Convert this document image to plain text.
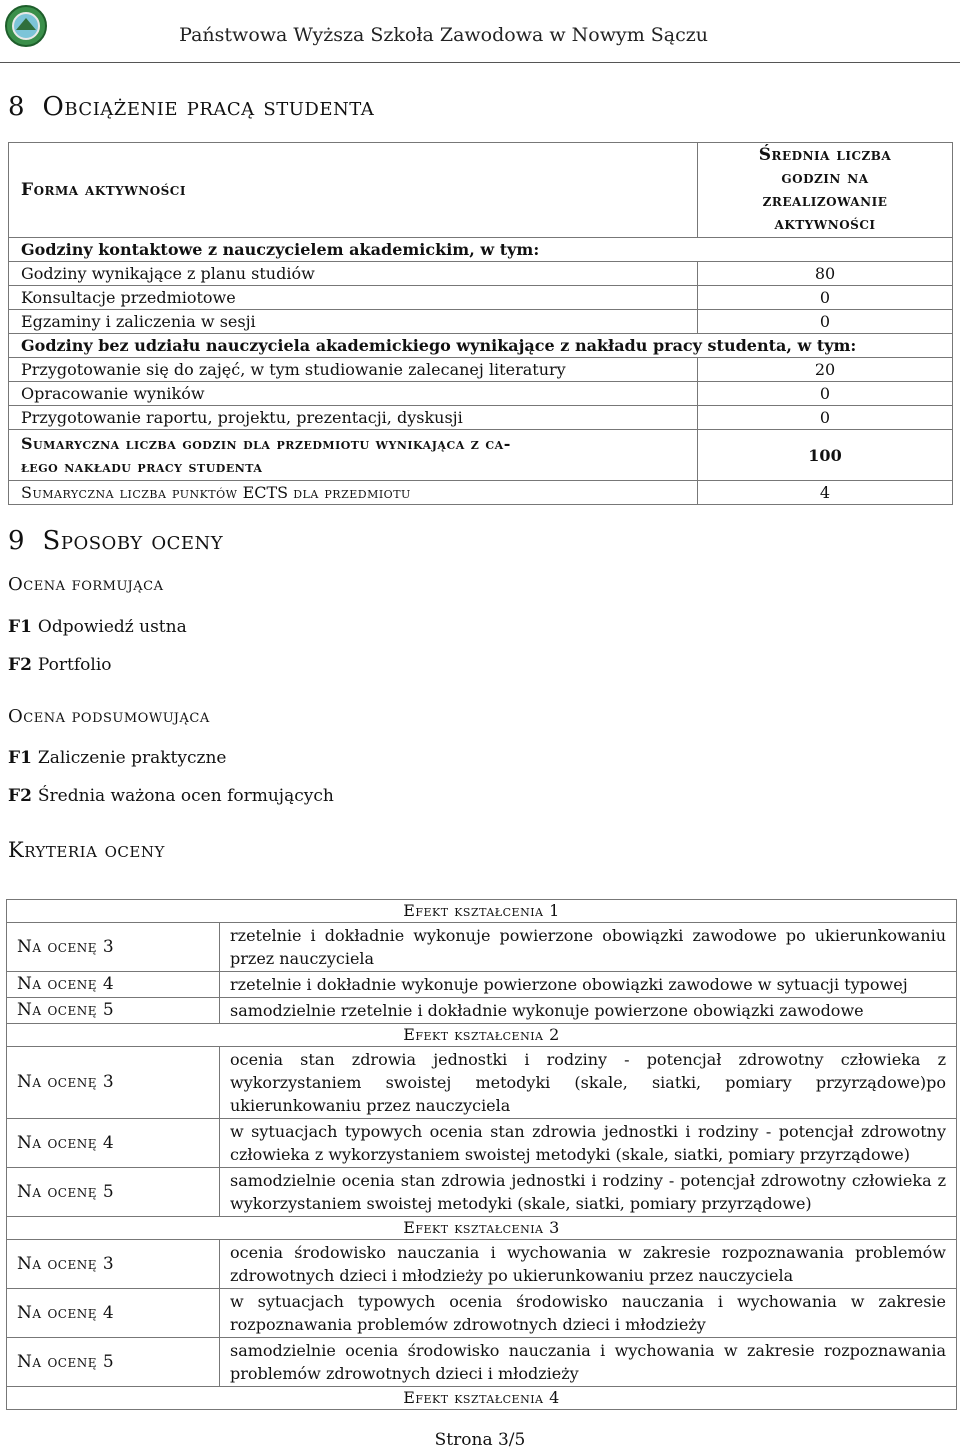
Państwowa Wyższa Szkoła Zawodowa w Nowym Sączu
8 Obciążenie pracą studenta
Forma aktywności	Średnia liczba
godzin na
zrealizowanie
aktywności

Godziny kontaktowe z nauczycielem akademickim, w tym:	
Godziny wynikające z planu studiów	80
Konsultacje przedmiotowe	0
Egzaminy i zaliczenia w sesji	0
Godziny bez udziału nauczyciela akademickiego wynikające z nakładu pracy studenta, w tym:	
Przygotowanie się do zajęć, w tym studiowanie zalecanej literatury	20
Opracowanie wyników	0
Przygotowanie raportu, projektu, prezentacji, dyskusji	0

Sumaryczna liczba godzin dla przedmiotu wynikająca z ca-
łego nakładu pracy studenta	100
Sumaryczna liczba punktów ECTS dla przedmiotu	4
9 Sposoby oceny
Ocena formująca
F1 Odpowiedź ustna
F2 Portfolio
Ocena podsumowująca
F1 Zaliczenie praktyczne
F2 Średnia ważona ocen formujących
Kryteria oceny
Efekt kształcenia 1	
Na ocenę 3	rzetelnie i dokładnie wykonuje powierzone obowiązki zawodowe po ukierunkowaniu przez nauczyciela
Na ocenę 4	rzetelnie i dokładnie wykonuje powierzone obowiązki zawodowe w sytuacji typowej
Na ocenę 5	samodzielnie rzetelnie i dokładnie wykonuje powierzone obowiązki zawodowe
Efekt kształcenia 2	
Na ocenę 3	ocenia stan zdrowia jednostki i rodziny - potencjał zdrowotny człowieka z wykorzystaniem swoistej metodyki (skale, siatki, pomiary przyrządowe)po ukierunkowaniu przez nauczyciela
Na ocenę 4	w sytuacjach typowych ocenia stan zdrowia jednostki i rodziny - potencjał zdrowotny człowieka z wykorzystaniem swoistej metodyki (skale, siatki, pomiary przyrządowe)
Na ocenę 5	samodzielnie ocenia stan zdrowia jednostki i rodziny - potencjał zdrowotny człowieka z wykorzystaniem swoistej metodyki (skale, siatki, pomiary przyrządowe)
Efekt kształcenia 3	
Na ocenę 3	ocenia środowisko nauczania i wychowania w zakresie rozpoznawania problemów zdrowotnych dzieci i młodzieży po ukierunkowaniu przez nauczyciela
Na ocenę 4	w sytuacjach typowych ocenia środowisko nauczania i wychowania w zakresie rozpoznawania problemów zdrowotnych dzieci i młodzieży
Na ocenę 5	samodzielnie ocenia środowisko nauczania i wychowania w zakresie rozpoznawania problemów zdrowotnych dzieci i młodzieży
Efekt kształcenia 4	
Strona 3/5
